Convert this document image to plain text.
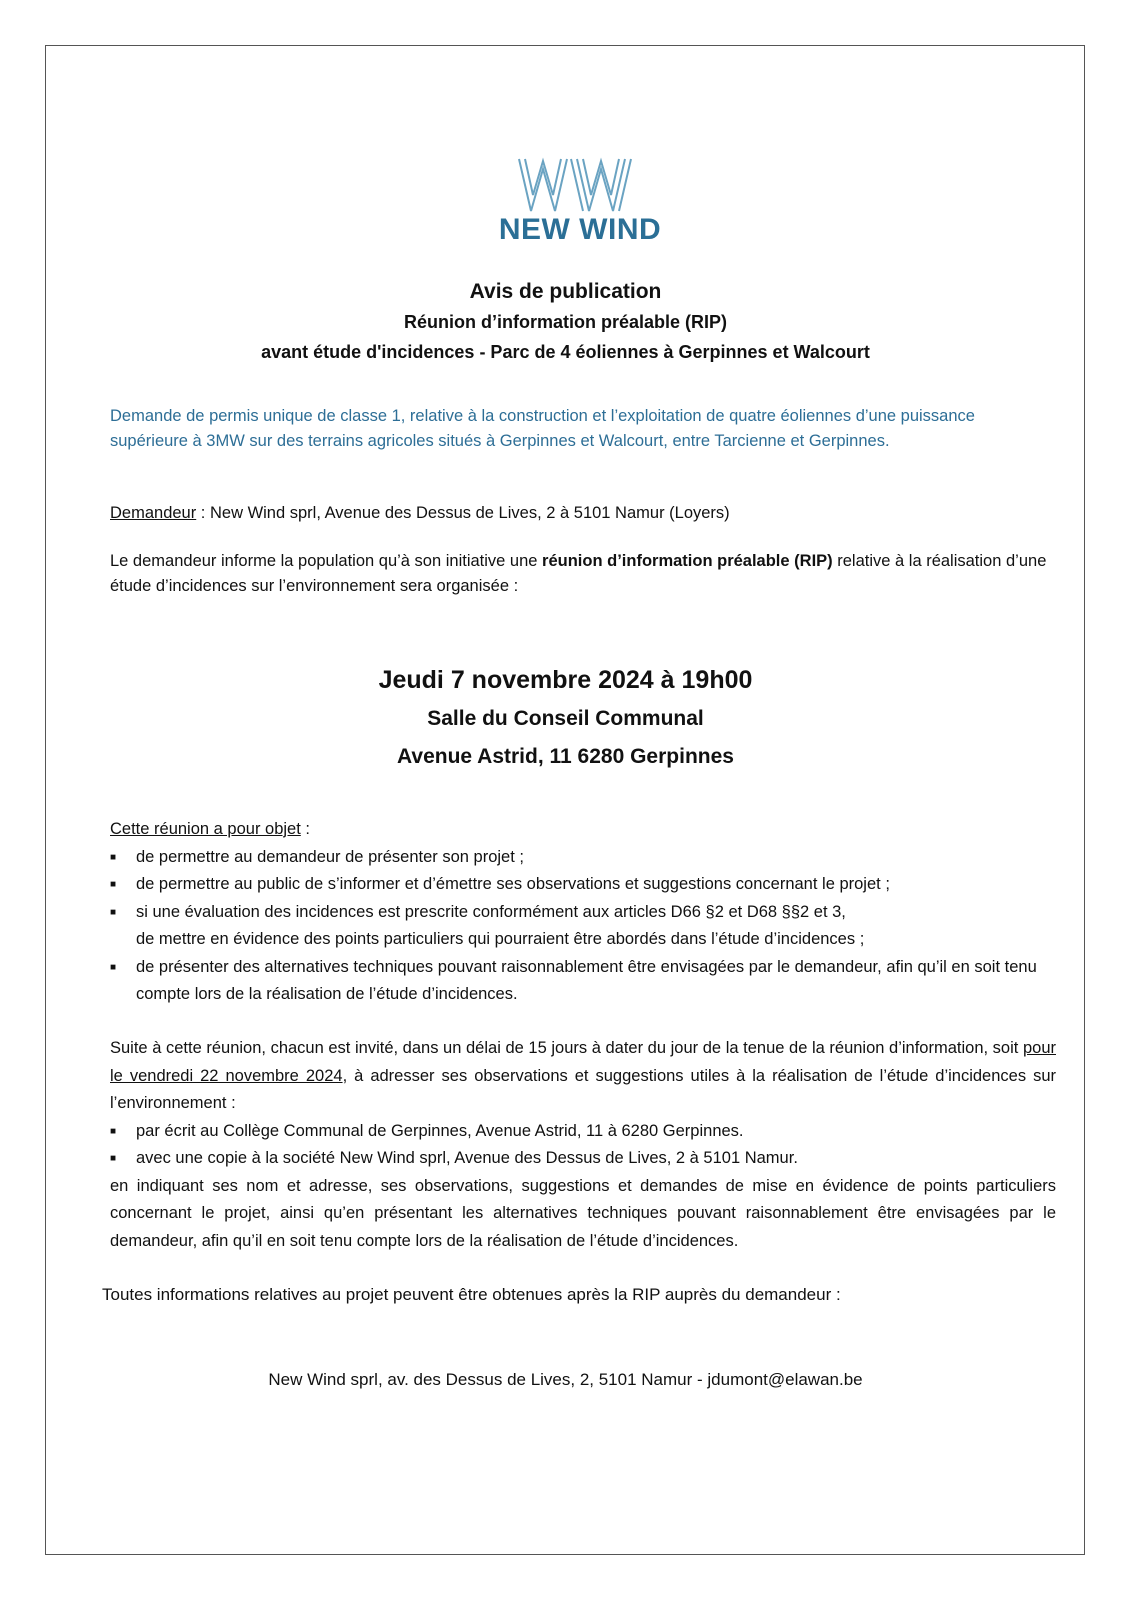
NEW WIND
Avis de publication
Réunion d’information préalable (RIP)
avant étude d'incidences - Parc de 4 éoliennes à Gerpinnes et Walcourt
Demande de permis unique de classe 1, relative à la construction et l’exploitation de quatre éoliennes d’une puissance supérieure à 3MW sur des terrains agricoles situés à Gerpinnes et Walcourt, entre Tarcienne et Gerpinnes.
Demandeur : New Wind sprl, Avenue des Dessus de Lives, 2 à 5101 Namur (Loyers)
Le demandeur informe la population qu’à son initiative une réunion d’information préalable (RIP) relative à la réalisation d’une étude d’incidences sur l’environnement sera organisée :
Jeudi 7 novembre 2024 à 19h00
Salle du Conseil Communal
Avenue Astrid, 11 6280 Gerpinnes
Cette réunion a pour objet :
■ de permettre au demandeur de présenter son projet ;
■ de permettre au public de s’informer et d’émettre ses observations et suggestions concernant le projet ;
■ si une évaluation des incidences est prescrite conformément aux articles D66 §2 et D68 §§2 et 3,
de mettre en évidence des points particuliers qui pourraient être abordés dans l’étude d’incidences ;
■ de présenter des alternatives techniques pouvant raisonnablement être envisagées par le demandeur, afin qu’il en soit tenu compte lors de la réalisation de l’étude d’incidences.
Suite à cette réunion, chacun est invité, dans un délai de 15 jours à dater du jour de la tenue de la réunion d’information, soit pour le vendredi 22 novembre 2024, à adresser ses observations et suggestions utiles à la réalisation de l’étude d’incidences sur l’environnement :
■ par écrit au Collège Communal de Gerpinnes, Avenue Astrid, 11 à 6280 Gerpinnes.
■ avec une copie à la société New Wind sprl, Avenue des Dessus de Lives, 2 à 5101 Namur.
en indiquant ses nom et adresse, ses observations, suggestions et demandes de mise en évidence de points particuliers concernant le projet, ainsi qu’en présentant les alternatives techniques pouvant raisonnablement être envisagées par le demandeur, afin qu’il en soit tenu compte lors de la réalisation de l’étude d’incidences.
Toutes informations relatives au projet peuvent être obtenues après la RIP auprès du demandeur :
New Wind sprl, av. des Dessus de Lives, 2, 5101 Namur - jdumont@elawan.be
